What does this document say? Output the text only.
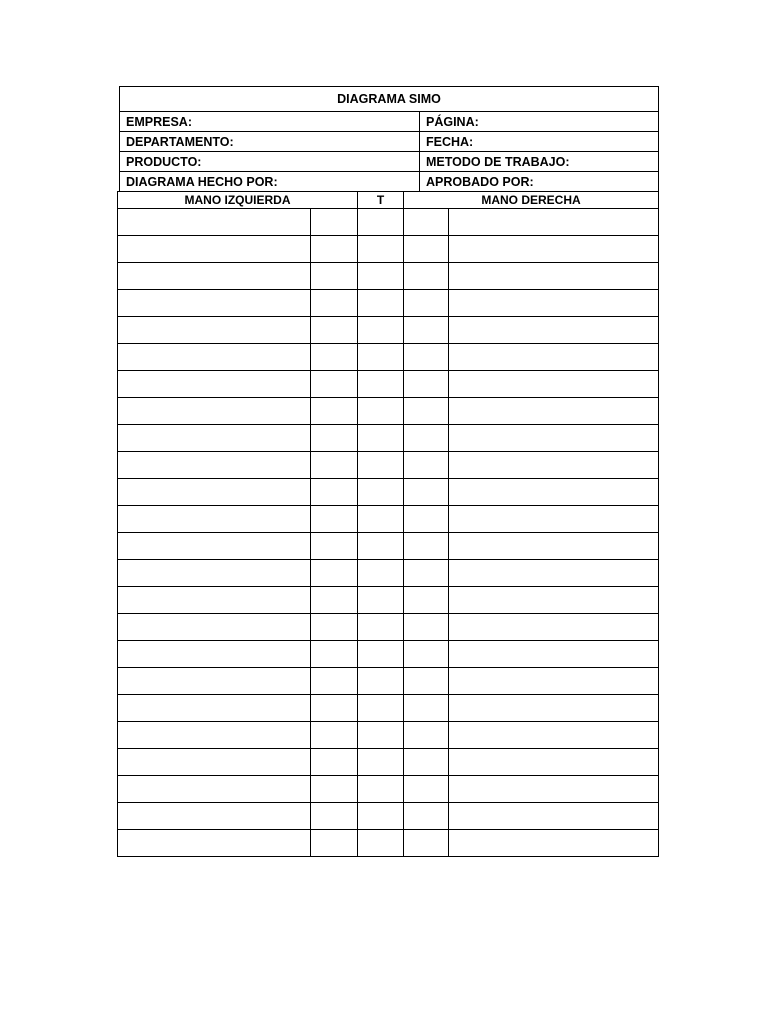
DIAGRAMA SIMO	
EMPRESA:	PÁGINA:
DEPARTAMENTO:	FECHA:
PRODUCTO:	METODO DE TRABAJO:
DIAGRAMA HECHO POR:	APROBADO POR:
MANO IZQUIERDA		T	MANO DERECHA	
